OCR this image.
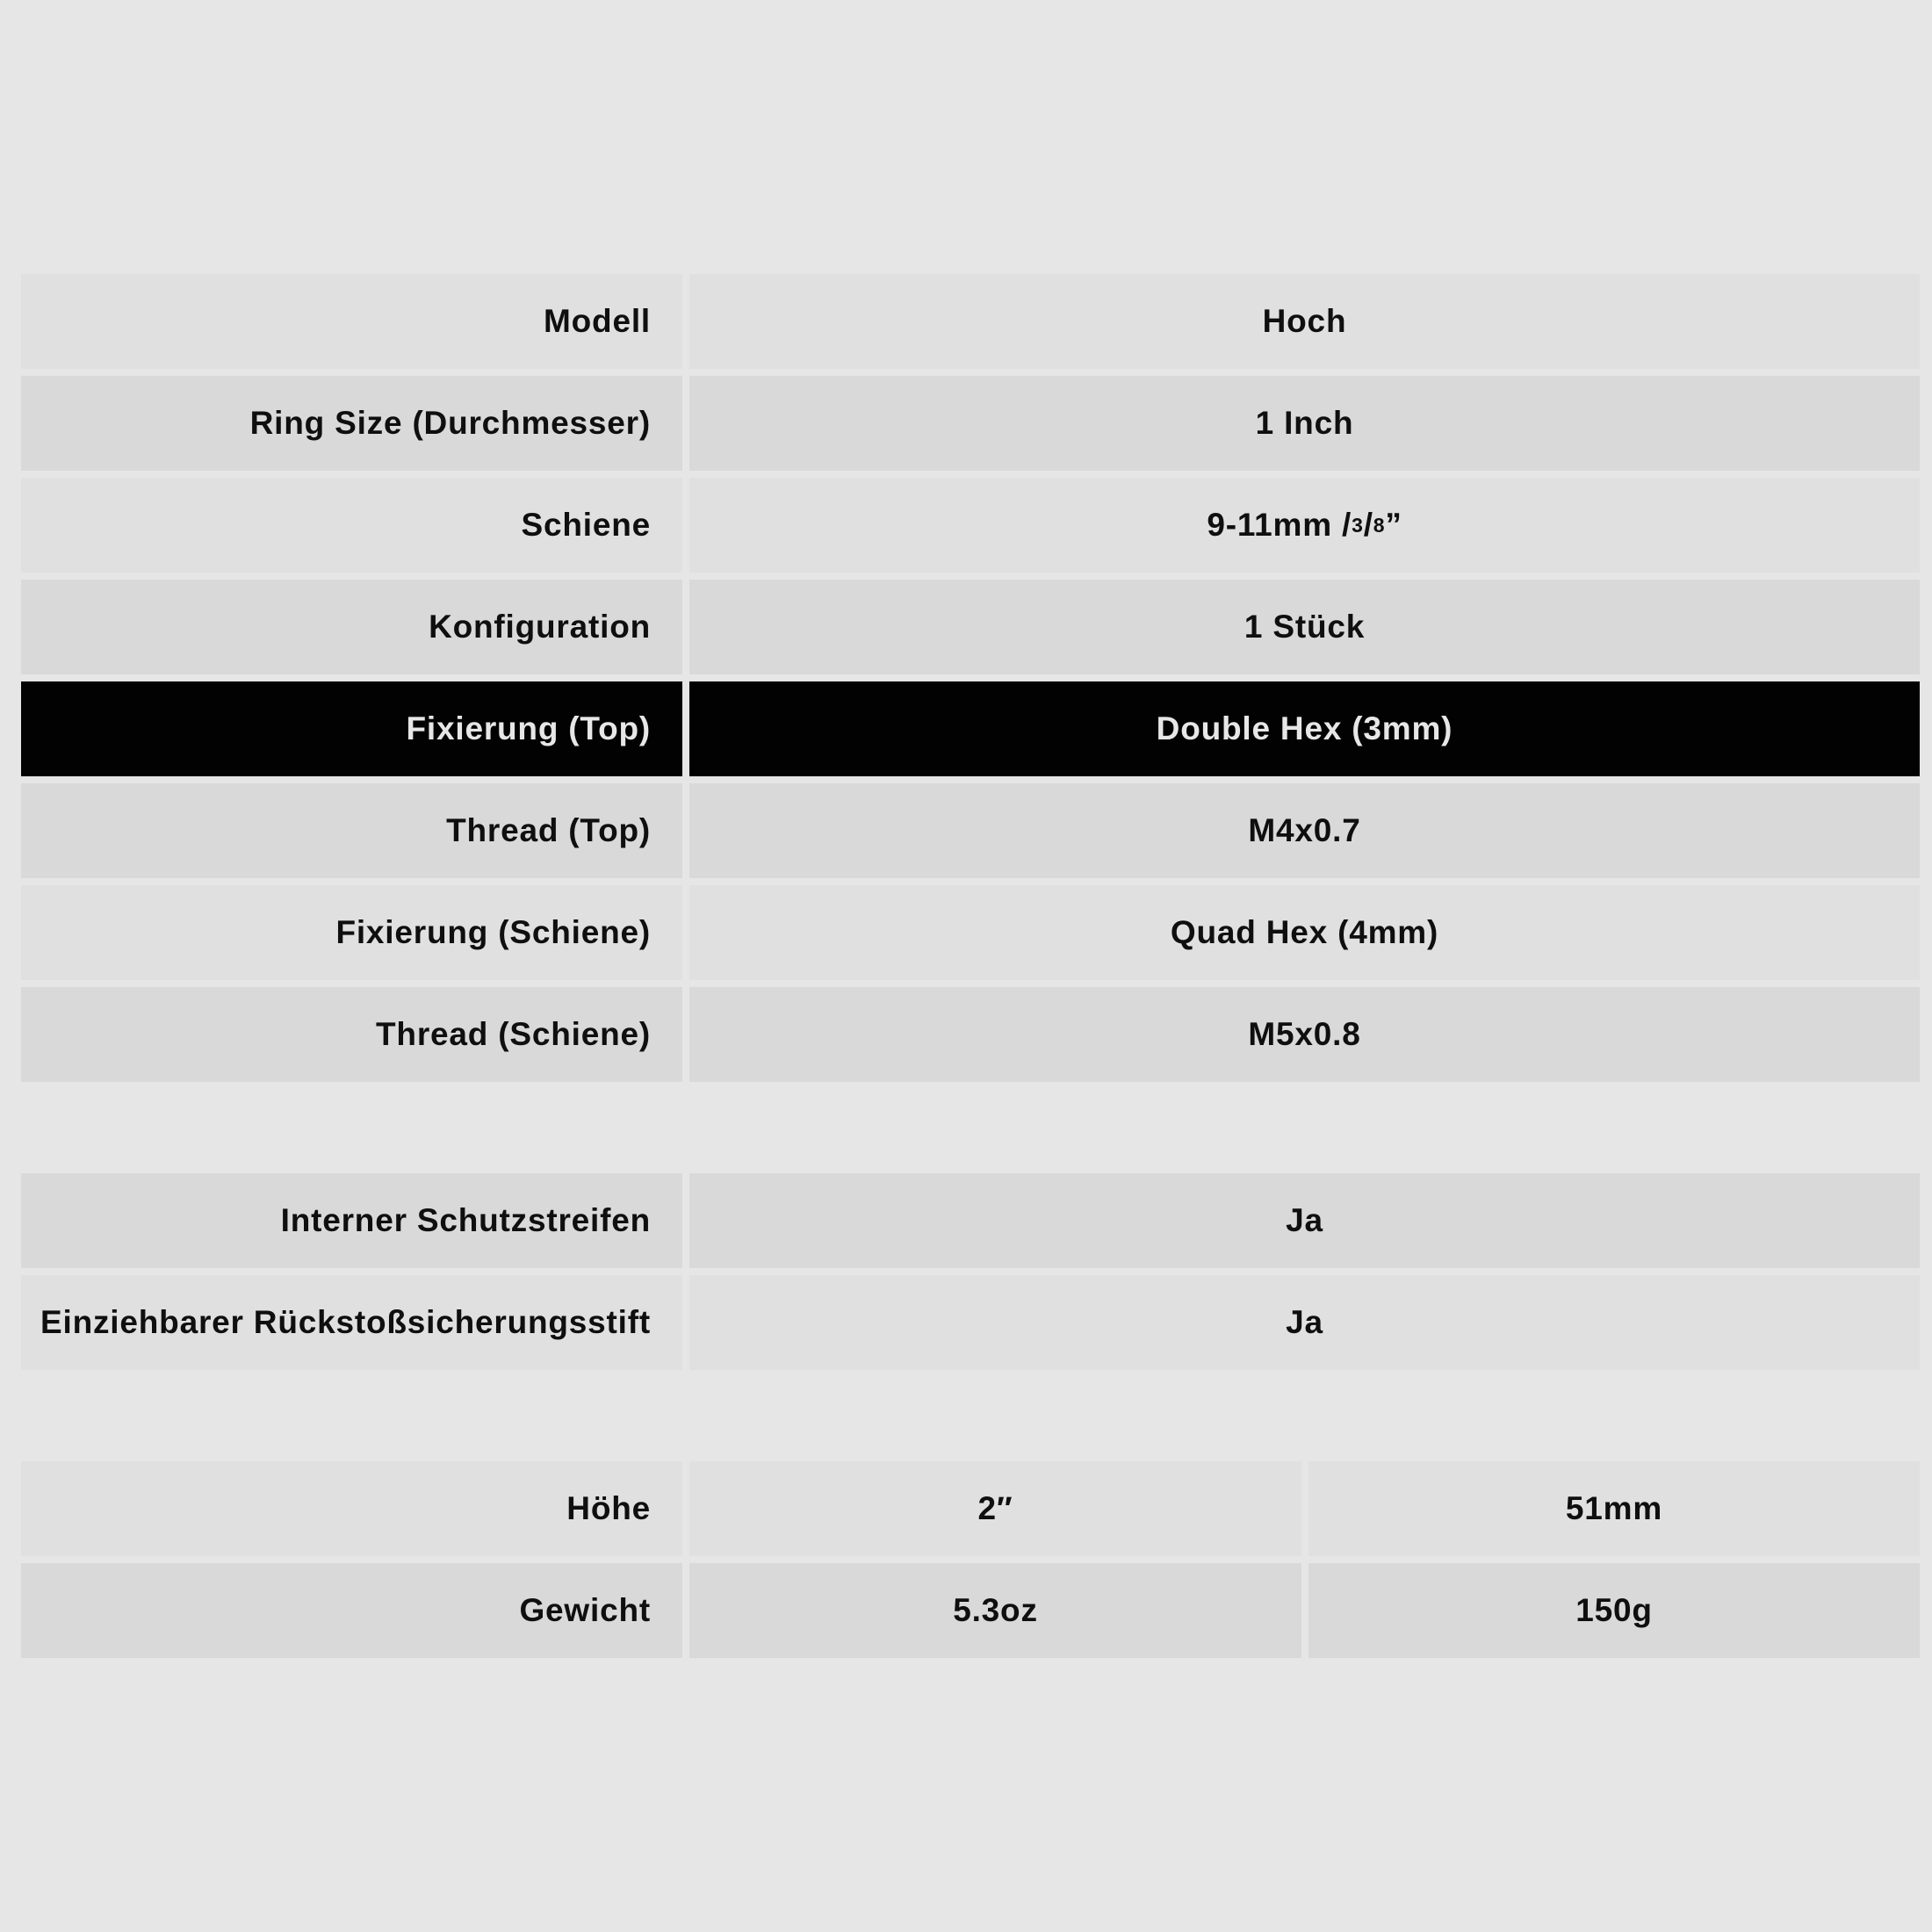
Modell	Hoch
Ring Size (Durchmesser)	1 Inch
Schiene	9-11mm / 3 / 8 ”
Konfiguration	1 Stück
Fixierung (Top)	Double Hex (3mm)
Thread (Top)	M4x0.7
Fixierung (Schiene)	Quad Hex (4mm)
Thread (Schiene)	M5x0.8
Interner Schutzstreifen	Ja
Einziehbarer Rückstoßsicherungsstift	Ja
Höhe	2″	51mm
Gewicht	5.3oz	150g
